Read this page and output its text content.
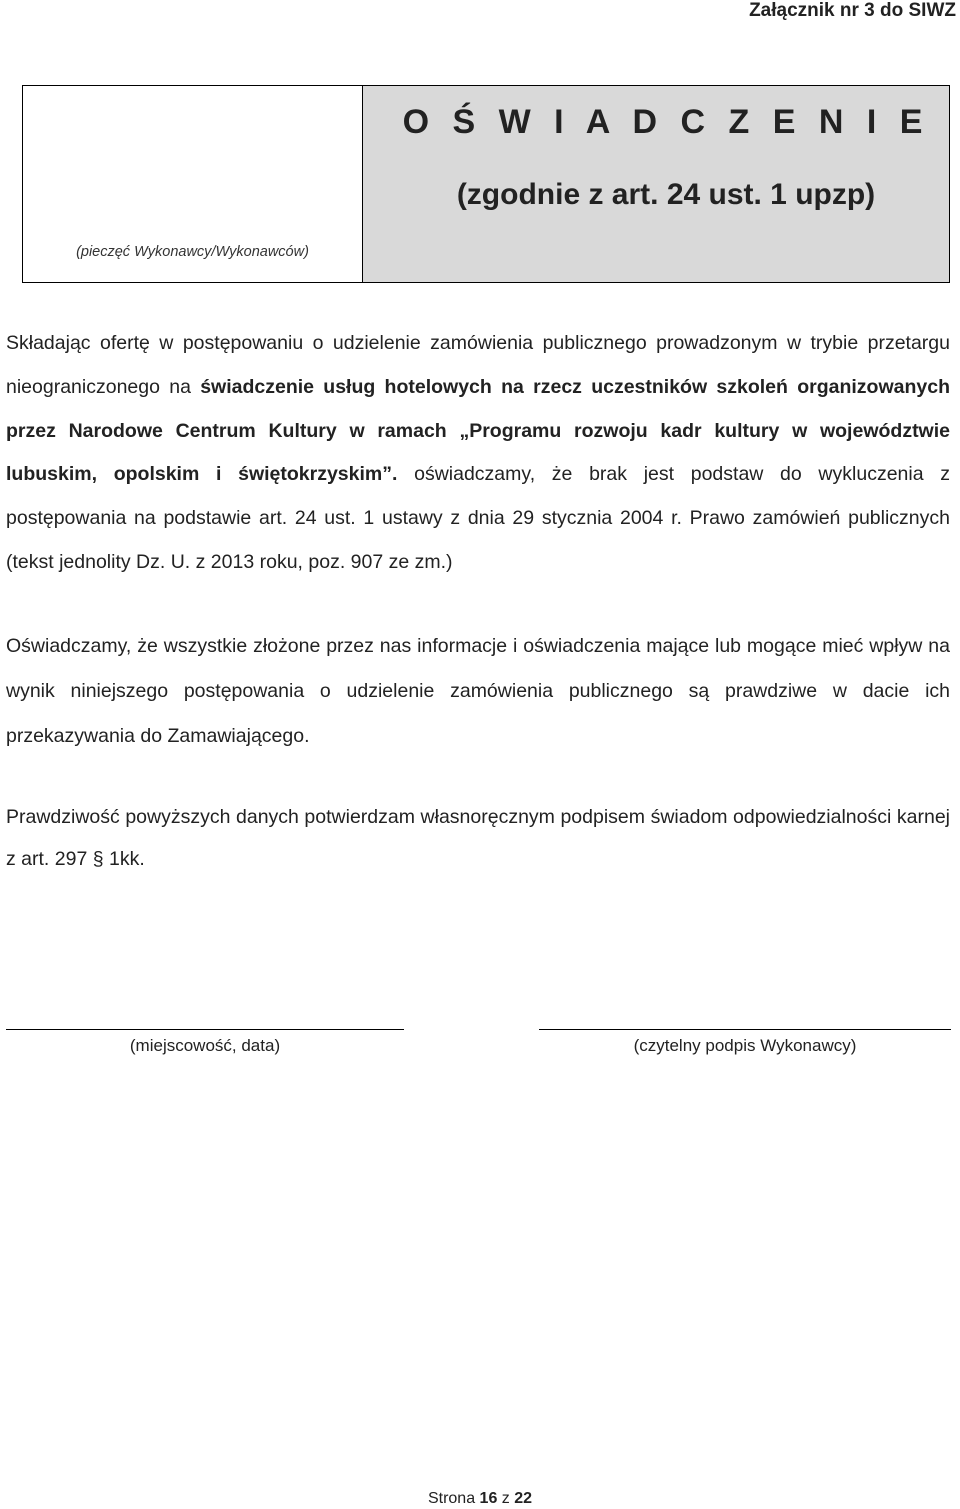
Załącznik nr 3 do SIWZ
(pieczęć Wykonawcy/Wykonawców)
O Ś W I A D C Z E N I E
(zgodnie z art. 24 ust. 1 upzp)
Składając ofertę w postępowaniu o udzielenie zamówienia publicznego prowadzonym w trybie przetargu nieograniczonego na świadczenie usług hotelowych na rzecz uczestników szkoleń organizowanych przez Narodowe Centrum Kultury w ramach „Programu rozwoju kadr kultury w województwie lubuskim, opolskim i świętokrzyskim”. oświadczamy, że brak jest podstaw do wykluczenia z postępowania na podstawie art. 24 ust. 1 ustawy z dnia 29 stycznia 2004 r. Prawo zamówień publicznych (tekst jednolity Dz. U. z 2013 roku, poz. 907 ze zm.)
Oświadczamy, że wszystkie złożone przez nas informacje i oświadczenia mające lub mogące mieć wpływ na wynik niniejszego postępowania o udzielenie zamówienia publicznego są prawdziwe w dacie ich przekazywania do Zamawiającego.
Prawdziwość powyższych danych potwierdzam własnoręcznym podpisem świadom odpowiedzialności karnej z art. 297 § 1kk.
(miejscowość, data)	(czytelny podpis Wykonawcy)
Strona 16 z 22
